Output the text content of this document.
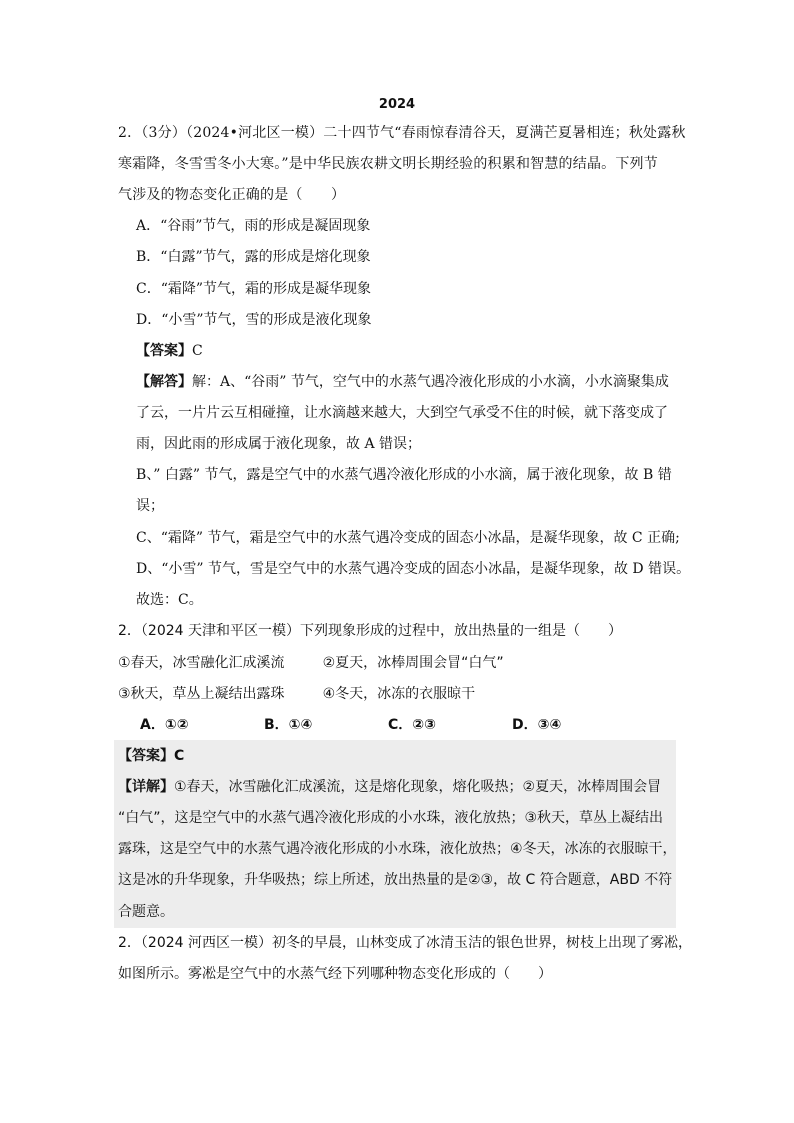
2024
2．（3分）（2024•河北区一模）二十四节气“春雨惊春清谷天，夏满芒夏暑相连；秋处露秋
寒霜降，冬雪雪冬小大寒。”是中华民族农耕文明长期经验的积累和智慧的结晶。下列节
气涉及的物态变化正确的是（　　）
A．“谷雨”节气，雨的形成是凝固现象
B．“白露”节气，露的形成是熔化现象
C．“霜降”节气，霜的形成是凝华现象
D．“小雪”节气，雪的形成是液化现象
【答案】C
【解答】解：A、“谷雨” 节气，空气中的水蒸气遇冷液化形成的小水滴，小水滴聚集成
了云，一片片云互相碰撞，让水滴越来越大，大到空气承受不住的时候，就下落变成了
雨，因此雨的形成属于液化现象，故 A 错误；
B、” 白露” 节气，露是空气中的水蒸气遇冷液化形成的小水滴，属于液化现象，故 B 错
误；
C、“霜降” 节气，霜是空气中的水蒸气遇冷变成的固态小冰晶，是凝华现象，故 C 正确;
D、“小雪” 节气，雪是空气中的水蒸气遇冷变成的固态小冰晶，是凝华现象，故 D 错误。
故选：C。
2．（2024 天津和平区一模）下列现象形成的过程中，放出热量的一组是（　　）
①春天，冰雪融化汇成溪流	②夏天，冰棒周围会冒“白气”
③秋天，草丛上凝结出露珠	④冬天，冰冻的衣服晾干
A．①②	B．①④	C．②③	D．③④
【答案】C
【详解】①春天，冰雪融化汇成溪流，这是熔化现象，熔化吸热；②夏天，冰棒周围会冒
“白气”，这是空气中的水蒸气遇冷液化形成的小水珠，液化放热；③秋天，草丛上凝结出
露珠，这是空气中的水蒸气遇冷液化形成的小水珠，液化放热；④冬天，冰冻的衣服晾干，
这是冰的升华现象，升华吸热；综上所述，放出热量的是②③，故 C 符合题意，ABD 不符
合题意。
2．（2024 河西区一模）初冬的早晨，山林变成了冰清玉洁的银色世界，树枝上出现了雾凇，
如图所示。雾凇是空气中的水蒸气经下列哪种物态变化形成的（　　）
